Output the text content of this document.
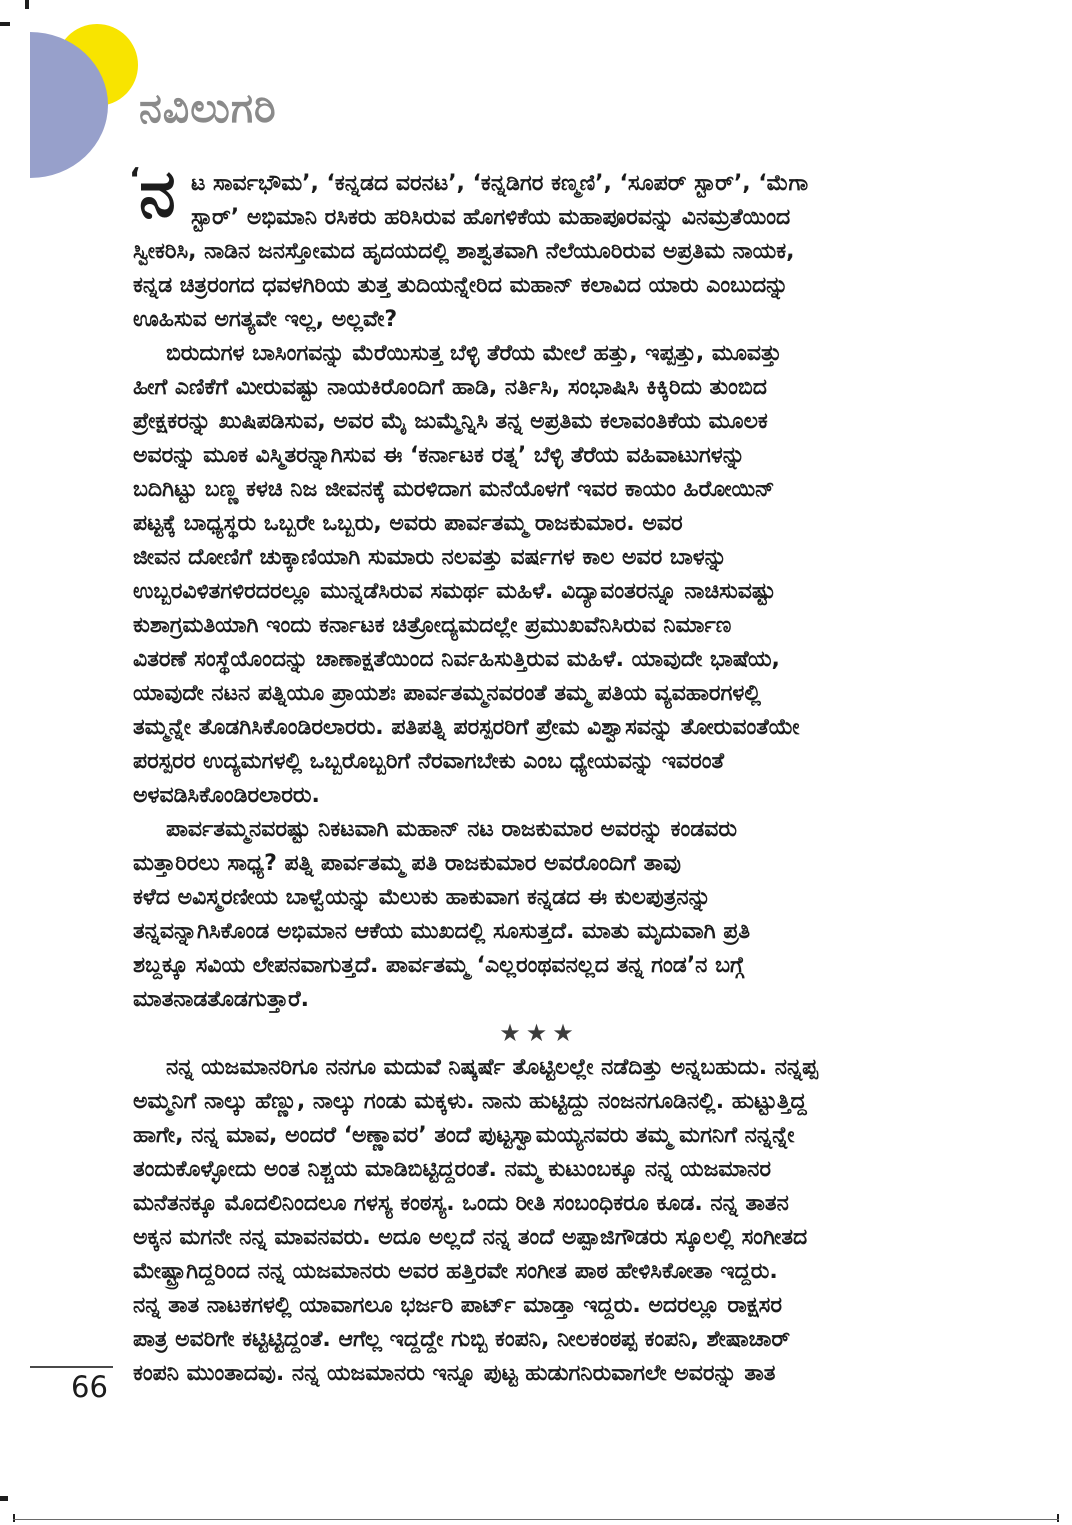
ನವಿಲುಗರಿ
‘
ನ ಟ ಸಾರ್ವಭೌಮ’, ‘ಕನ್ನಡದ ವರನಟ’, ‘ಕನ್ನಡಿಗರ ಕಣ್ಮಣಿ’, ‘ಸೂಪರ್ ಸ್ಟಾರ್’, ‘ಮೆಗಾ
ಸ್ಟಾರ್’ ಅಭಿಮಾನಿ ರಸಿಕರು ಹರಿಸಿರುವ ಹೊಗಳಿಕೆಯ ಮಹಾಪೂರವನ್ನು ವಿನಮ್ರತೆಯಿಂದ
ಸ್ವೀಕರಿಸಿ, ನಾಡಿನ ಜನಸ್ತೋಮದ ಹೃದಯದಲ್ಲಿ ಶಾಶ್ವತವಾಗಿ ನೆಲೆಯೂರಿರುವ ಅಪ್ರತಿಮ ನಾಯಕ,
ಕನ್ನಡ ಚಿತ್ರರಂಗದ ಧವಳಗಿರಿಯ ತುತ್ತ ತುದಿಯನ್ನೇರಿದ ಮಹಾನ್ ಕಲಾವಿದ ಯಾರು ಎಂಬುದನ್ನು
ಊಹಿಸುವ ಅಗತ್ಯವೇ ಇಲ್ಲ, ಅಲ್ಲವೇ?
ಬಿರುದುಗಳ ಬಾಸಿಂಗವನ್ನು ಮೆರೆಯಿಸುತ್ತ ಬೆಳ್ಳಿ ತೆರೆಯ ಮೇಲೆ ಹತ್ತು, ಇಪ್ಪತ್ತು, ಮೂವತ್ತು
ಹೀಗೆ ಎಣಿಕೆಗೆ ಮೀರುವಷ್ಟು ನಾಯಕಿರೊಂದಿಗೆ ಹಾಡಿ, ನರ್ತಿಸಿ, ಸಂಭಾಷಿಸಿ ಕಿಕ್ಕಿರಿದು ತುಂಬಿದ
ಪ್ರೇಕ್ಷಕರನ್ನು ಖುಷಿಪಡಿಸುವ, ಅವರ ಮೈ ಜುಮ್ಮೆನ್ನಿಸಿ ತನ್ನ ಅಪ್ರತಿಮ ಕಲಾವಂತಿಕೆಯ ಮೂಲಕ
ಅವರನ್ನು ಮೂಕ ವಿಸ್ಮಿತರನ್ನಾಗಿಸುವ ಈ ‘ಕರ್ನಾಟಕ ರತ್ನ’ ಬೆಳ್ಳಿ ತೆರೆಯ ವಹಿವಾಟುಗಳನ್ನು
ಬದಿಗಿಟ್ಟು ಬಣ್ಣ ಕಳಚಿ ನಿಜ ಜೀವನಕ್ಕೆ ಮರಳಿದಾಗ ಮನೆಯೊಳಗೆ ಇವರ ಕಾಯಂ ಹಿರೋಯಿನ್
ಪಟ್ಟಕ್ಕೆ ಬಾಧ್ಯಸ್ಥರು ಒಬ್ಬರೇ ಒಬ್ಬರು, ಅವರು ಪಾರ್ವತಮ್ಮ ರಾಜಕುಮಾರ. ಅವರ
ಜೀವನ ದೋಣಿಗೆ ಚುಕ್ಕಾಣಿಯಾಗಿ ಸುಮಾರು ನಲವತ್ತು ವರ್ಷಗಳ ಕಾಲ ಅವರ ಬಾಳನ್ನು
ಉಬ್ಬರವಿಳಿತಗಳಿರದರಲ್ಲೂ ಮುನ್ನಡೆಸಿರುವ ಸಮರ್ಥ ಮಹಿಳೆ. ವಿದ್ಯಾವಂತರನ್ನೂ ನಾಚಿಸುವಷ್ಟು
ಕುಶಾಗ್ರಮತಿಯಾಗಿ ಇಂದು ಕರ್ನಾಟಕ ಚಿತ್ರೋದ್ಯಮದಲ್ಲೇ ಪ್ರಮುಖವೆನಿಸಿರುವ ನಿರ್ಮಾಣ
ವಿತರಣೆ ಸಂಸ್ಥೆಯೊಂದನ್ನು ಚಾಣಾಕ್ಷತೆಯಿಂದ ನಿರ್ವಹಿಸುತ್ತಿರುವ ಮಹಿಳೆ. ಯಾವುದೇ ಭಾಷೆಯ,
ಯಾವುದೇ ನಟನ ಪತ್ನಿಯೂ ಪ್ರಾಯಶಃ ಪಾರ್ವತಮ್ಮನವರಂತೆ ತಮ್ಮ ಪತಿಯ ವ್ಯವಹಾರಗಳಲ್ಲಿ
ತಮ್ಮನ್ನೇ ತೊಡಗಿಸಿಕೊಂಡಿರಲಾರರು. ಪತಿಪತ್ನಿ ಪರಸ್ಪರರಿಗೆ ಪ್ರೇಮ ವಿಶ್ವಾಸವನ್ನು ತೋರುವಂತೆಯೇ
ಪರಸ್ಪರರ ಉದ್ಯಮಗಳಲ್ಲಿ ಒಬ್ಬರೊಬ್ಬರಿಗೆ ನೆರವಾಗಬೇಕು ಎಂಬ ಧ್ಯೇಯವನ್ನು ಇವರಂತೆ
ಅಳವಡಿಸಿಕೊಂಡಿರಲಾರರು.
ಪಾರ್ವತಮ್ಮನವರಷ್ಟು ನಿಕಟವಾಗಿ ಮಹಾನ್ ನಟ ರಾಜಕುಮಾರ ಅವರನ್ನು ಕಂಡವರು
ಮತ್ತಾರಿರಲು ಸಾಧ್ಯ? ಪತ್ನಿ ಪಾರ್ವತಮ್ಮ ಪತಿ ರಾಜಕುಮಾರ ಅವರೊಂದಿಗೆ ತಾವು
ಕಳೆದ ಅವಿಸ್ಮರಣೀಯ ಬಾಳ್ವೆಯನ್ನು ಮೆಲುಕು ಹಾಕುವಾಗ ಕನ್ನಡದ ಈ ಕುಲಪುತ್ರನನ್ನು
ತನ್ನವನ್ನಾಗಿಸಿಕೊಂಡ ಅಭಿಮಾನ ಆಕೆಯ ಮುಖದಲ್ಲಿ ಸೂಸುತ್ತದೆ. ಮಾತು ಮೃದುವಾಗಿ ಪ್ರತಿ
ಶಬ್ದಕ್ಕೂ ಸವಿಯ ಲೇಪನವಾಗುತ್ತದೆ. ಪಾರ್ವತಮ್ಮ ‘ಎಲ್ಲರಂಥವನಲ್ಲದ ತನ್ನ ಗಂಡ’ನ ಬಗ್ಗೆ
ಮಾತನಾಡತೊಡಗುತ್ತಾರೆ.
★★★
ನನ್ನ ಯಜಮಾನರಿಗೂ ನನಗೂ ಮದುವೆ ನಿಷ್ಕರ್ಷೆ ತೊಟ್ಟಿಲಲ್ಲೇ ನಡೆದಿತ್ತು ಅನ್ನಬಹುದು. ನನ್ನಪ್ಪ
ಅಮ್ಮನಿಗೆ ನಾಲ್ಕು ಹೆಣ್ಣು, ನಾಲ್ಕು ಗಂಡು ಮಕ್ಕಳು. ನಾನು ಹುಟ್ಟಿದ್ದು ನಂಜನಗೂಡಿನಲ್ಲಿ. ಹುಟ್ಟುತ್ತಿದ್ದ
ಹಾಗೇ, ನನ್ನ ಮಾವ, ಅಂದರೆ ‘ಅಣ್ಣಾವರ’ ತಂದೆ ಪುಟ್ಟಸ್ವಾಮಯ್ಯನವರು ತಮ್ಮ ಮಗನಿಗೆ ನನ್ನನ್ನೇ
ತಂದುಕೊಳ್ಳೋದು ಅಂತ ನಿಶ್ಚಯ ಮಾಡಿಬಿಟ್ಟಿದ್ದರಂತೆ. ನಮ್ಮ ಕುಟುಂಬಕ್ಕೂ ನನ್ನ ಯಜಮಾನರ
ಮನೆತನಕ್ಕೂ ಮೊದಲಿನಿಂದಲೂ ಗಳಸ್ಯ ಕಂಠಸ್ಯ. ಒಂದು ರೀತಿ ಸಂಬಂಧಿಕರೂ ಕೂಡ. ನನ್ನ ತಾತನ
ಅಕ್ಕನ ಮಗನೇ ನನ್ನ ಮಾವನವರು. ಅದೂ ಅಲ್ಲದೆ ನನ್ನ ತಂದೆ ಅಪ್ಪಾಜಿಗೌಡರು ಸ್ಕೂಲಲ್ಲಿ ಸಂಗೀತದ
ಮೇಷ್ಟ್ರಾಗಿದ್ದರಿಂದ ನನ್ನ ಯಜಮಾನರು ಅವರ ಹತ್ತಿರವೇ ಸಂಗೀತ ಪಾಠ ಹೇಳಿಸಿಕೋತಾ ಇದ್ದರು.
ನನ್ನ ತಾತ ನಾಟಕಗಳಲ್ಲಿ ಯಾವಾಗಲೂ ಭರ್ಜರಿ ಪಾರ್ಟ್ ಮಾಡ್ತಾ ಇದ್ದರು. ಅದರಲ್ಲೂ ರಾಕ್ಷಸರ
ಪಾತ್ರ ಅವರಿಗೇ ಕಟ್ಟಿಟ್ಟಿದ್ದಂತೆ. ಆಗೆಲ್ಲ ಇದ್ದದ್ದೇ ಗುಬ್ಬಿ ಕಂಪನಿ, ನೀಲಕಂಠಪ್ಪ ಕಂಪನಿ, ಶೇಷಾಚಾರ್
ಕಂಪನಿ ಮುಂತಾದವು. ನನ್ನ ಯಜಮಾನರು ಇನ್ನೂ ಪುಟ್ಟ ಹುಡುಗನಿರುವಾಗಲೇ ಅವರನ್ನು ತಾತ
66
